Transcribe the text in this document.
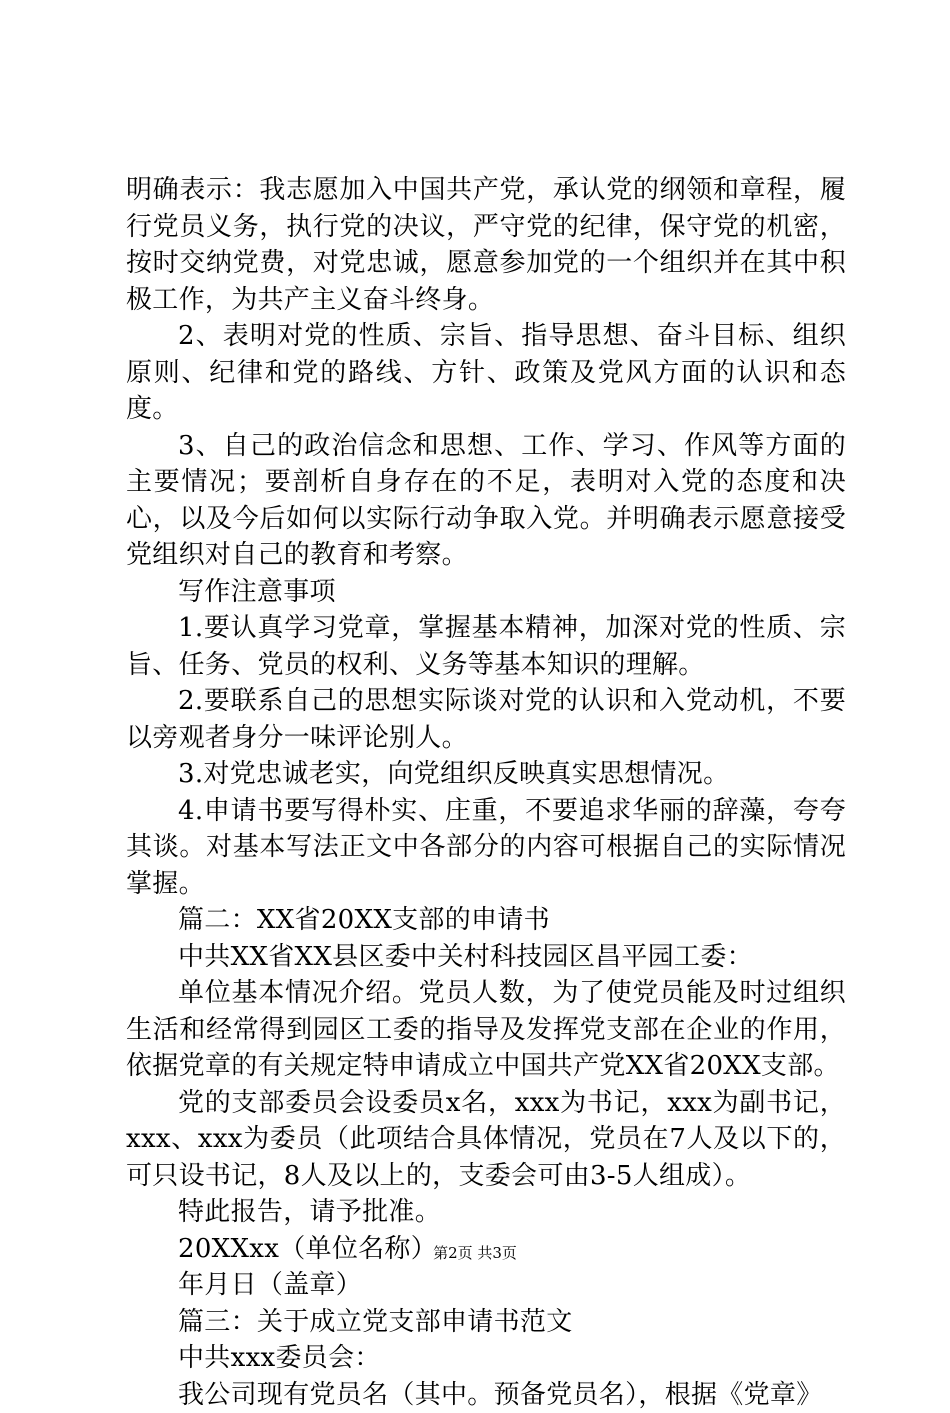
明确表示：我志愿加入中国共产党，承认党的纲领和章程，履行党员义务，执行党的决议，严守党的纪律，保守党的机密，按时交纳党费，对党忠诚，愿意参加党的一个组织并在其中积极工作，为共产主义奋斗终身。

2、表明对党的性质、宗旨、指导思想、奋斗目标、组织原则、纪律和党的路线、方针、政策及党风方面的认识和态度。

3、自己的政治信念和思想、工作、学习、作风等方面的主要情况；要剖析自身存在的不足，表明对入党的态度和决心，以及今后如何以实际行动争取入党。并明确表示愿意接受党组织对自己的教育和考察。

写作注意事项

1.要认真学习党章，掌握基本精神，加深对党的性质、宗旨、任务、党员的权利、义务等基本知识的理解。

2.要联系自己的思想实际谈对党的认识和入党动机，不要以旁观者身分一味评论别人。

3.对党忠诚老实，向党组织反映真实思想情况。

4.申请书要写得朴实、庄重，不要追求华丽的辞藻，夸夸其谈。对基本写法正文中各部分的内容可根据自己的实际情况掌握。

篇二：XX省20XX支部的申请书

中共XX省XX县区委中关村科技园区昌平园工委：

单位基本情况介绍。党员人数，为了使党员能及时过组织生活和经常得到园区工委的指导及发挥党支部在企业的作用，依据党章的有关规定特申请成立中国共产党XX省20XX支部。

党的支部委员会设委员x名，xxx为书记，xxx为副书记，xxx、xxx为委员（此项结合具体情况，党员在7人及以下的，可只设书记，8人及以上的，支委会可由3-5人组成）。

特此报告，请予批准。

20XXxx（单位名称）

年月日（盖章）

篇三：关于成立党支部申请书范文

中共xxx委员会：

我公司现有党员名（其中。预备党员名），根据《党章》

第2页 共3页
